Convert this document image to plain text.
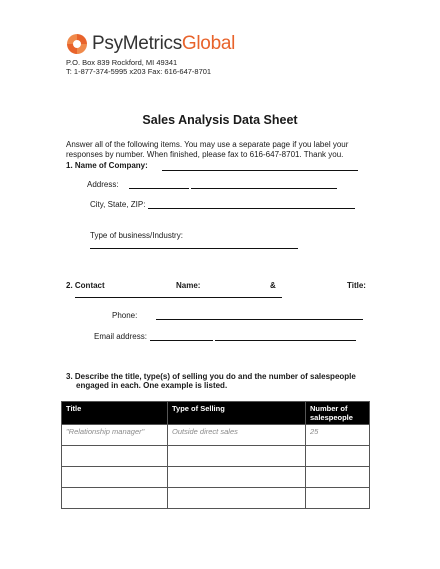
PsyMetrics Global
P.O. Box 839 Rockford, MI 49341
T: 1-877-374-5995 x203 Fax: 616-647-8701
Sales Analysis Data Sheet
Answer all of the following items. You may use a separate page if you label your responses by number. When finished, please fax to 616-647-8701. Thank you.
1. Name of Company:
Address:
City, State, ZIP:
Type of business/Industry:
2. Contact	Name:	&	Title:
Phone:
Email address:
3. Describe the title, type(s) of selling you do and the number of salespeople
engaged in each. One example is listed.
Title	Type of Selling	Number of salespeople
"Relationship manager"	Outside direct sales	25
